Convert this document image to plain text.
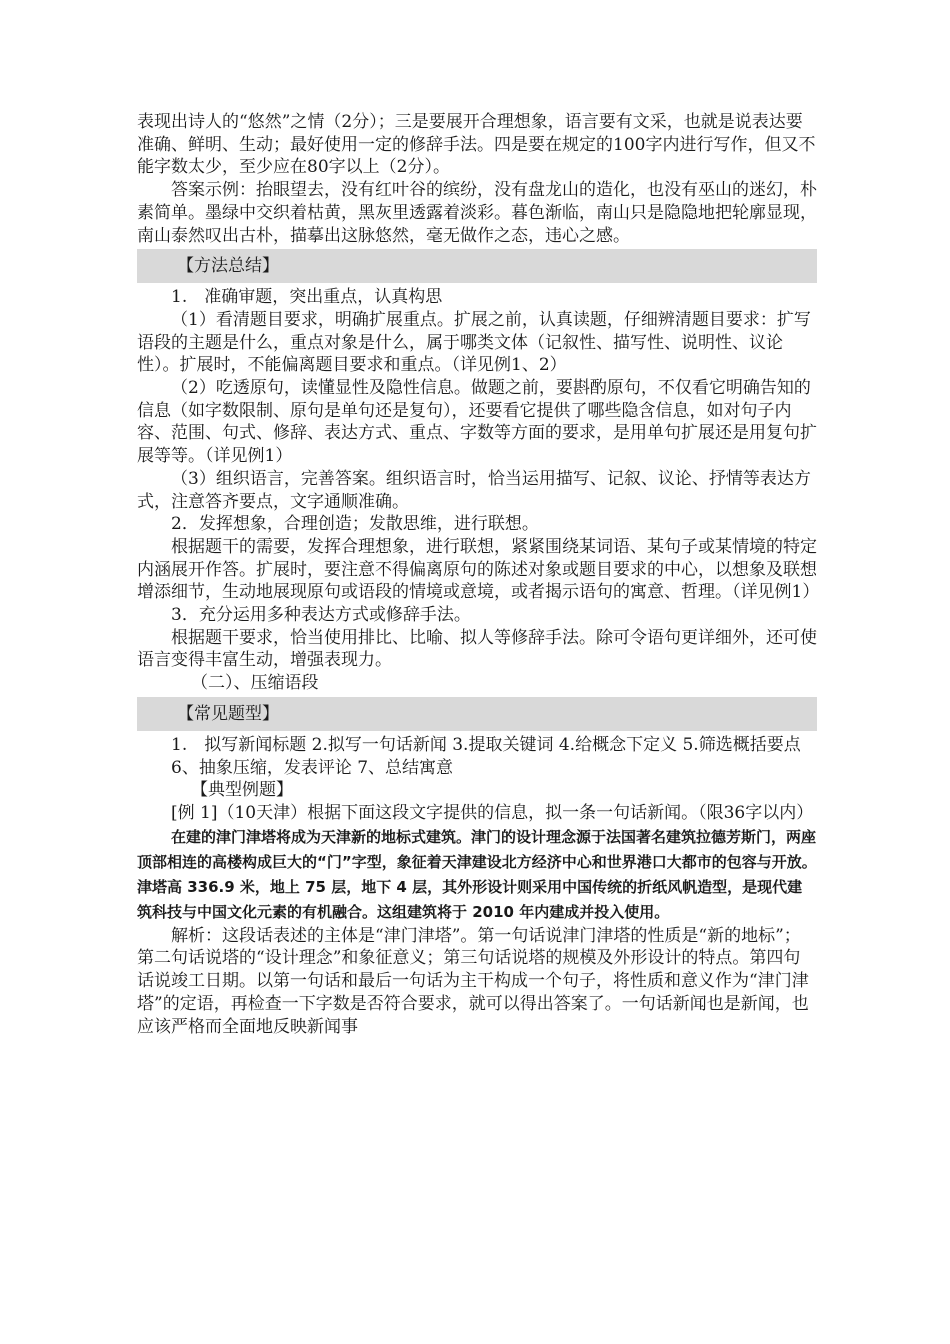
表现出诗人的“悠然”之情（2分）；三是要展开合理想象，语言要有文采，也就是说表达要准确、鲜明、生动；最好使用一定的修辞手法。四是要在规定的100字内进行写作，但又不能字数太少，至少应在80字以上（2分）。

答案示例：抬眼望去，没有红叶谷的缤纷，没有盘龙山的造化，也没有巫山的迷幻，朴素简单。墨绿中交织着枯黄，黑灰里透露着淡彩。暮色渐临，南山只是隐隐地把轮廓显现，南山泰然叹出古朴，描摹出这脉悠然，毫无做作之态，违心之感。

【方法总结】

1.　准确审题，突出重点，认真构思

（1）看清题目要求，明确扩展重点。扩展之前，认真读题，仔细辨清题目要求：扩写语段的主题是什么，重点对象是什么，属于哪类文体（记叙性、描写性、说明性、议论性）。扩展时，不能偏离题目要求和重点。（详见例1、2）

（2）吃透原句，读懂显性及隐性信息。做题之前，要斟酌原句，不仅看它明确告知的信息（如字数限制、原句是单句还是复句），还要看它提供了哪些隐含信息，如对句子内容、范围、句式、修辞、表达方式、重点、字数等方面的要求，是用单句扩展还是用复句扩展等等。（详见例1）

（3）组织语言，完善答案。组织语言时，恰当运用描写、记叙、议论、抒情等表达方式，注意答齐要点，文字通顺准确。

2．发挥想象，合理创造；发散思维，进行联想。

根据题干的需要，发挥合理想象，进行联想，紧紧围绕某词语、某句子或某情境的特定内涵展开作答。扩展时，要注意不得偏离原句的陈述对象或题目要求的中心，以想象及联想增添细节，生动地展现原句或语段的情境或意境，或者揭示语句的寓意、哲理。（详见例1）

3．充分运用多种表达方式或修辞手法。

根据题干要求，恰当使用排比、比喻、拟人等修辞手法。除可令语句更详细外，还可使语言变得丰富生动，增强表现力。

（二）、压缩语段

【常见题型】

1.　拟写新闻标题 2.拟写一句话新闻 3.提取关键词 4.给概念下定义 5.筛选概括要点 6、抽象压缩，发表评论 7、总结寓意

【典型例题】

[例 1]（10天津）根据下面这段文字提供的信息，拟一条一句话新闻。（限36字以内）

在建的津门津塔将成为天津新的地标式建筑。津门的设计理念源于法国著名建筑拉德芳斯门，两座顶部相连的高楼构成巨大的“门”字型，象征着天津建设北方经济中心和世界港口大都市的包容与开放。津塔高 336.9 米，地上 75 层，地下 4 层，其外形设计则采用中国传统的折纸风帆造型，是现代建筑科技与中国文化元素的有机融合。这组建筑将于 2010 年内建成并投入使用。

解析：这段话表述的主体是“津门津塔”。第一句话说津门津塔的性质是“新的地标”；第二句话说塔的“设计理念”和象征意义；第三句话说塔的规模及外形设计的特点。第四句话说竣工日期。以第一句话和最后一句话为主干构成一个句子，将性质和意义作为“津门津塔”的定语，再检查一下字数是否符合要求，就可以得出答案了。一句话新闻也是新闻，也应该严格而全面地反映新闻事
